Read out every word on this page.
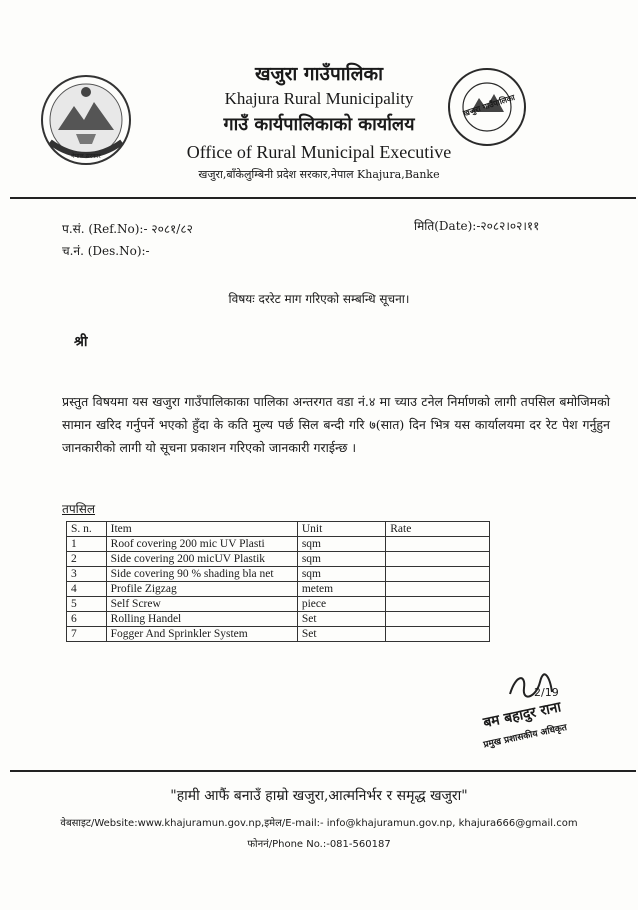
नेपाल सरकार
खजुरा गाउँपालिका
खजुरा गाउँपालिका
Khajura Rural Municipality
गाउँ कार्यपालिकाको कार्यालय
Office of Rural Municipal Executive
खजुरा,बाँकेलुम्बिनी प्रदेश सरकार,नेपाल Khajura,Banke
प.सं. (Ref.No):- २०८१/८२
च.नं. (Des.No):-
मिति(Date):-२०८२।०२।११
विषयः दररेट माग गरिएको सम्बन्धि सूचना।
श्री
प्रस्तुत विषयमा यस खजुरा गाउँपालिकाका पालिका अन्तरगत वडा नं.४ मा च्याउ टनेल निर्माणको लागी तपसिल बमोजिमको सामान खरिद गर्नुपर्ने भएको हुँदा के कति मुल्य पर्छ सिल बन्दी गरि ७(सात) दिन भित्र यस कार्यालयमा दर रेट पेश गर्नुहुन जानकारीको लागी यो सूचना प्रकाशन गरिएको जानकारी गराईन्छ ।
तपसिल
S. n.	Item	Unit	Rate
1	Roof covering 200 mic UV Plasti	sqm	
2	Side covering 200 micUV Plastik	sqm	
3	Side covering 90 % shading bla net	sqm	
4	Profile Zigzag	metem	
5	Self Screw	piece	
6	Rolling Handel	Set	
7	Fogger And Sprinkler System	Set	
2/19
बम बहादुर राना
प्रमुख प्रशासकीय अधिकृत
"हामी आफैं बनाउँ हाम्रो खजुरा,आत्मनिर्भर र समृद्ध खजुरा"
वेबसाइट/Website:www.khajuramun.gov.np,इमेल/E-mail:- info@khajuramun.gov.np, khajura666@gmail.com
फोननं/Phone No.:-081-560187
